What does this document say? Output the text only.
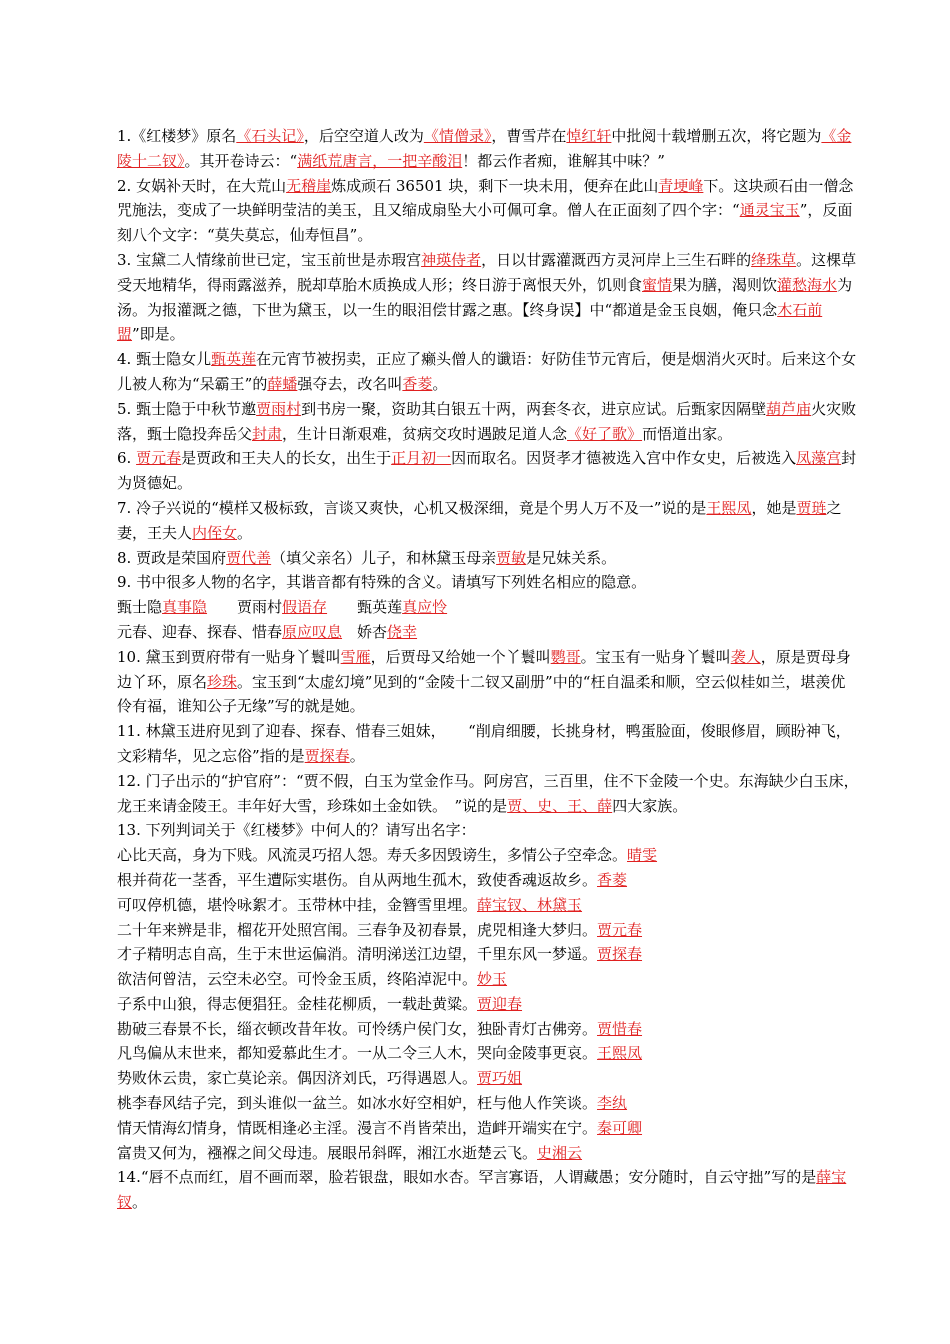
1.《红楼梦》原名《石头记》，后空空道人改为《情僧录》，曹雪芹在悼红轩中批阅十载增删五次，将它题为《金陵十二钗》。其开卷诗云：“满纸荒唐言，一把辛酸泪！都云作者痴，谁解其中味？”

2. 女娲补天时，在大荒山无稽崖炼成顽石 36501 块，剩下一块未用，便弃在此山青埂峰下。这块顽石由一僧念咒施法，变成了一块鲜明莹洁的美玉，且又缩成扇坠大小可佩可拿。僧人在正面刻了四个字：“通灵宝玉”，反面刻八个文字：“莫失莫忘，仙寿恒昌”。

3. 宝黛二人情缘前世已定，宝玉前世是赤瑕宫神瑛侍者，日以甘露灌溉西方灵河岸上三生石畔的绛珠草。这棵草受天地精华，得雨露滋养，脱却草胎木质换成人形；终日游于离恨天外，饥则食蜜情果为膳，渴则饮灌愁海水为汤。为报灌溉之德，下世为黛玉，以一生的眼泪偿甘露之惠。【终身误】中“都道是金玉良姻，俺只念木石前盟”即是。

4. 甄士隐女儿甄英莲在元宵节被拐卖，正应了癞头僧人的谶语：好防佳节元宵后，便是烟消火灭时。后来这个女儿被人称为“呆霸王”的薛蟠强夺去，改名叫香菱。

5. 甄士隐于中秋节邀贾雨村到书房一聚，资助其白银五十两，两套冬衣，进京应试。后甄家因隔壁葫芦庙火灾败落，甄士隐投奔岳父封肃，生计日渐艰难，贫病交攻时遇跛足道人念《好了歌》而悟道出家。

6. 贾元春是贾政和王夫人的长女，出生于正月初一因而取名。因贤孝才德被选入宫中作女史，后被选入凤藻宫封为贤德妃。

7. 冷子兴说的“模样又极标致，言谈又爽快，心机又极深细，竟是个男人万不及一”说的是王熙凤，她是贾琏之妻，王夫人内侄女。

8. 贾政是荣国府贾代善（填父亲名）儿子，和林黛玉母亲贾敏是兄妹关系。

9. 书中很多人物的名字，其谐音都有特殊的含义。请填写下列姓名相应的隐意。

甄士隐真事隐　　贾雨村假语存　　甄英莲真应怜

元春、迎春、探春、惜春原应叹息　娇杏侥幸

10. 黛玉到贾府带有一贴身丫鬟叫雪雁，后贾母又给她一个丫鬟叫鹦哥。宝玉有一贴身丫鬟叫袭人，原是贾母身边丫环，原名珍珠。宝玉到“太虚幻境”见到的“金陵十二钗又副册”中的“枉自温柔和顺，空云似桂如兰，堪羡优伶有福，谁知公子无缘”写的就是她。

11. 林黛玉进府见到了迎春、探春、惜春三姐妹，　　“削肩细腰，长挑身材，鸭蛋脸面，俊眼修眉，顾盼神飞，文彩精华，见之忘俗”指的是贾探春。

12. 门子出示的“护官府”：“贾不假，白玉为堂金作马。阿房宫，三百里，住不下金陵一个史。东海缺少白玉床，龙王来请金陵王。丰年好大雪，珍珠如土金如铁。　”说的是贾、史、王、薛四大家族。

13. 下列判词关于《红楼梦》中何人的？请写出名字：

心比天高，身为下贱。风流灵巧招人怨。寿夭多因毁谤生，多情公子空牵念。晴雯

根并荷花一茎香，平生遭际实堪伤。自从两地生孤木，致使香魂返故乡。香菱

可叹停机德，堪怜咏絮才。玉带林中挂，金簪雪里埋。薛宝钗、林黛玉

二十年来辨是非，榴花开处照宫闱。三春争及初春景，虎兕相逢大梦归。贾元春

才子精明志自高，生于末世运偏消。清明涕送江边望，千里东风一梦遥。贾探春

欲洁何曾洁，云空未必空。可怜金玉质，终陷淖泥中。妙玉

子系中山狼，得志便猖狂。金桂花柳质，一载赴黄粱。贾迎春

勘破三春景不长，缁衣顿改昔年妆。可怜绣户侯门女，独卧青灯古佛旁。贾惜春

凡鸟偏从末世来，都知爱慕此生才。一从二令三人木，哭向金陵事更哀。王熙凤

势败休云贵，家亡莫论亲。偶因济刘氏，巧得遇恩人。贾巧姐

桃李春风结子完，到头谁似一盆兰。如冰水好空相妒，枉与他人作笑谈。李纨

情天情海幻情身，情既相逢必主淫。漫言不肖皆荣出，造衅开端实在宁。秦可卿

富贵又何为，襁褓之间父母违。展眼吊斜晖，湘江水逝楚云飞。史湘云

14.“唇不点而红，眉不画而翠，脸若银盘，眼如水杏。罕言寡语，人谓藏愚；安分随时，自云守拙”写的是薛宝钗。
